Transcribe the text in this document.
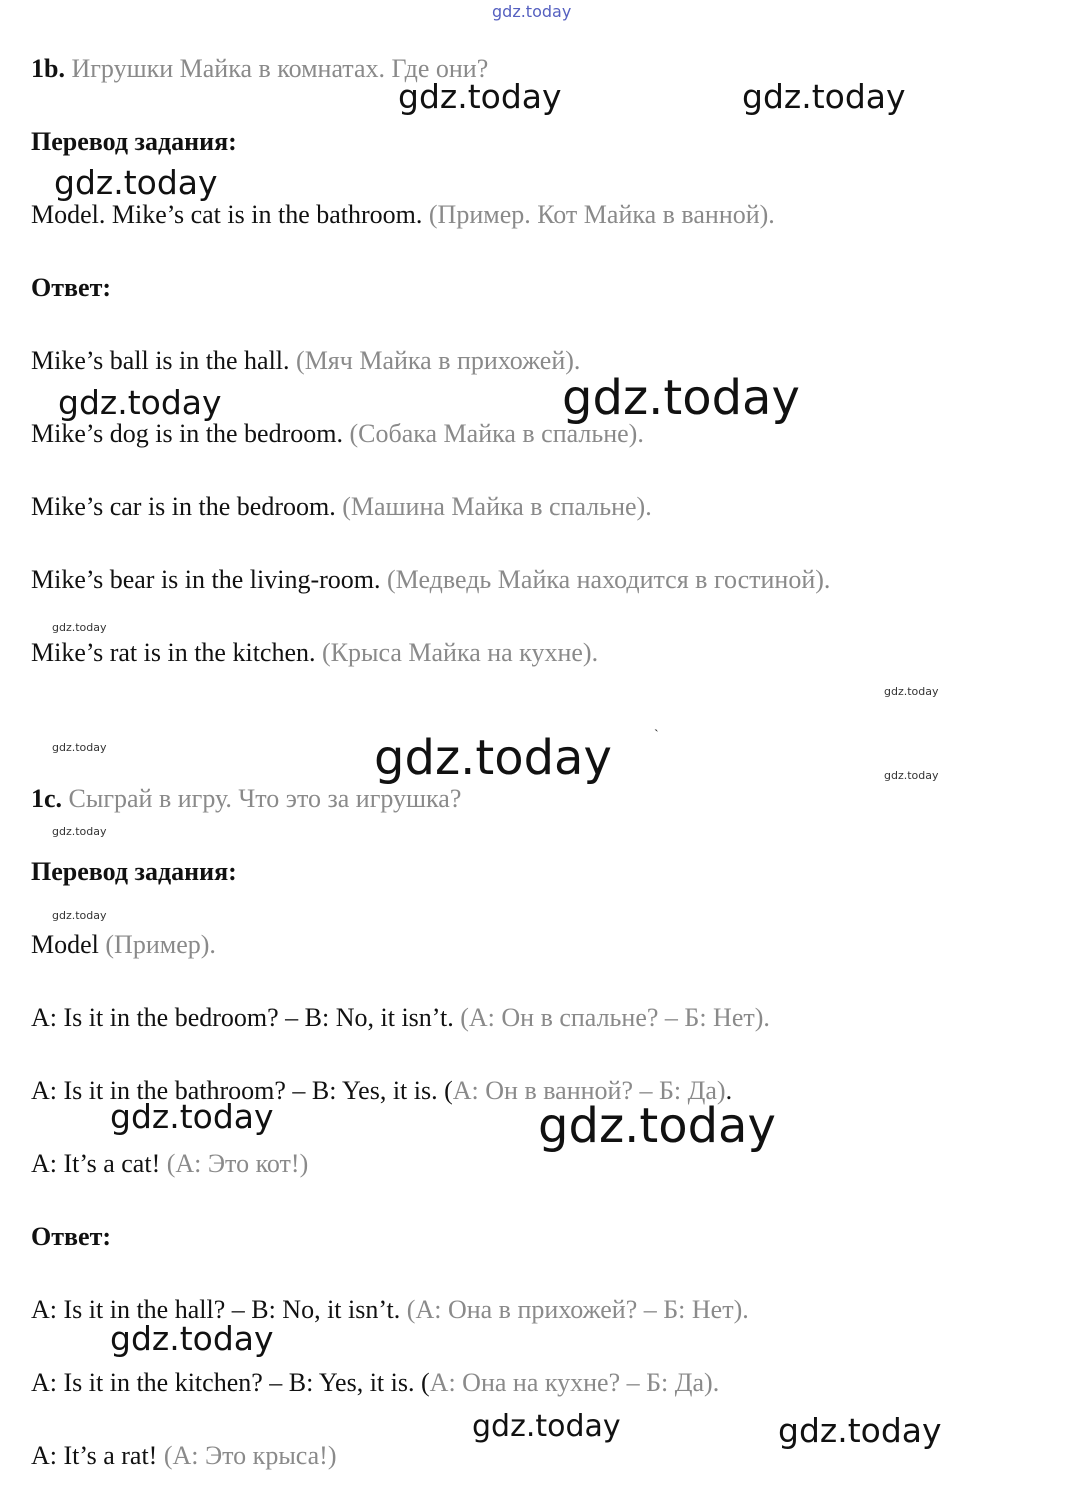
1b. Игрушки Майка в комнатах. Где они?

Перевод задания:

Model. Mike’s cat is in the bathroom. (Пример. Кот Майка в ванной).

Ответ:

Mike’s ball is in the hall. (Мяч Майка в прихожей).

Mike’s dog is in the bedroom. (Собака Майка в спальне).

Mike’s car is in the bedroom. (Машина Майка в спальне).

Mike’s bear is in the living-room. (Медведь Майка находится в гостиной).

Mike’s rat is in the kitchen. (Крыса Майка на кухне).

1c. Сыграй в игру. Что это за игрушка?

Перевод задания:

Model (Пример).

A: Is it in the bedroom? – B: No, it isn’t. (А: Он в спальне? – Б: Нет).

A: Is it in the bathroom? – B: Yes, it is. (А: Он в ванной? – Б: Да).

A: It’s a cat! (А: Это кот!)

Ответ:

A: Is it in the hall? – B: No, it isn’t. (А: Она в прихожей? – Б: Нет).

A: Is it in the kitchen? – B: Yes, it is. (А: Она на кухне? – Б: Да).

A: It’s a rat! (А: Это крыса!)

gdz.today
gdz.today	gdz.today
gdz.today
gdz.today	gdz.today
gdz.today
gdz.today
gdz.today	gdz.today	gdz.today
gdz.today
gdz.today
gdz.today	gdz.today
gdz.today
gdz.today	gdz.today
`
